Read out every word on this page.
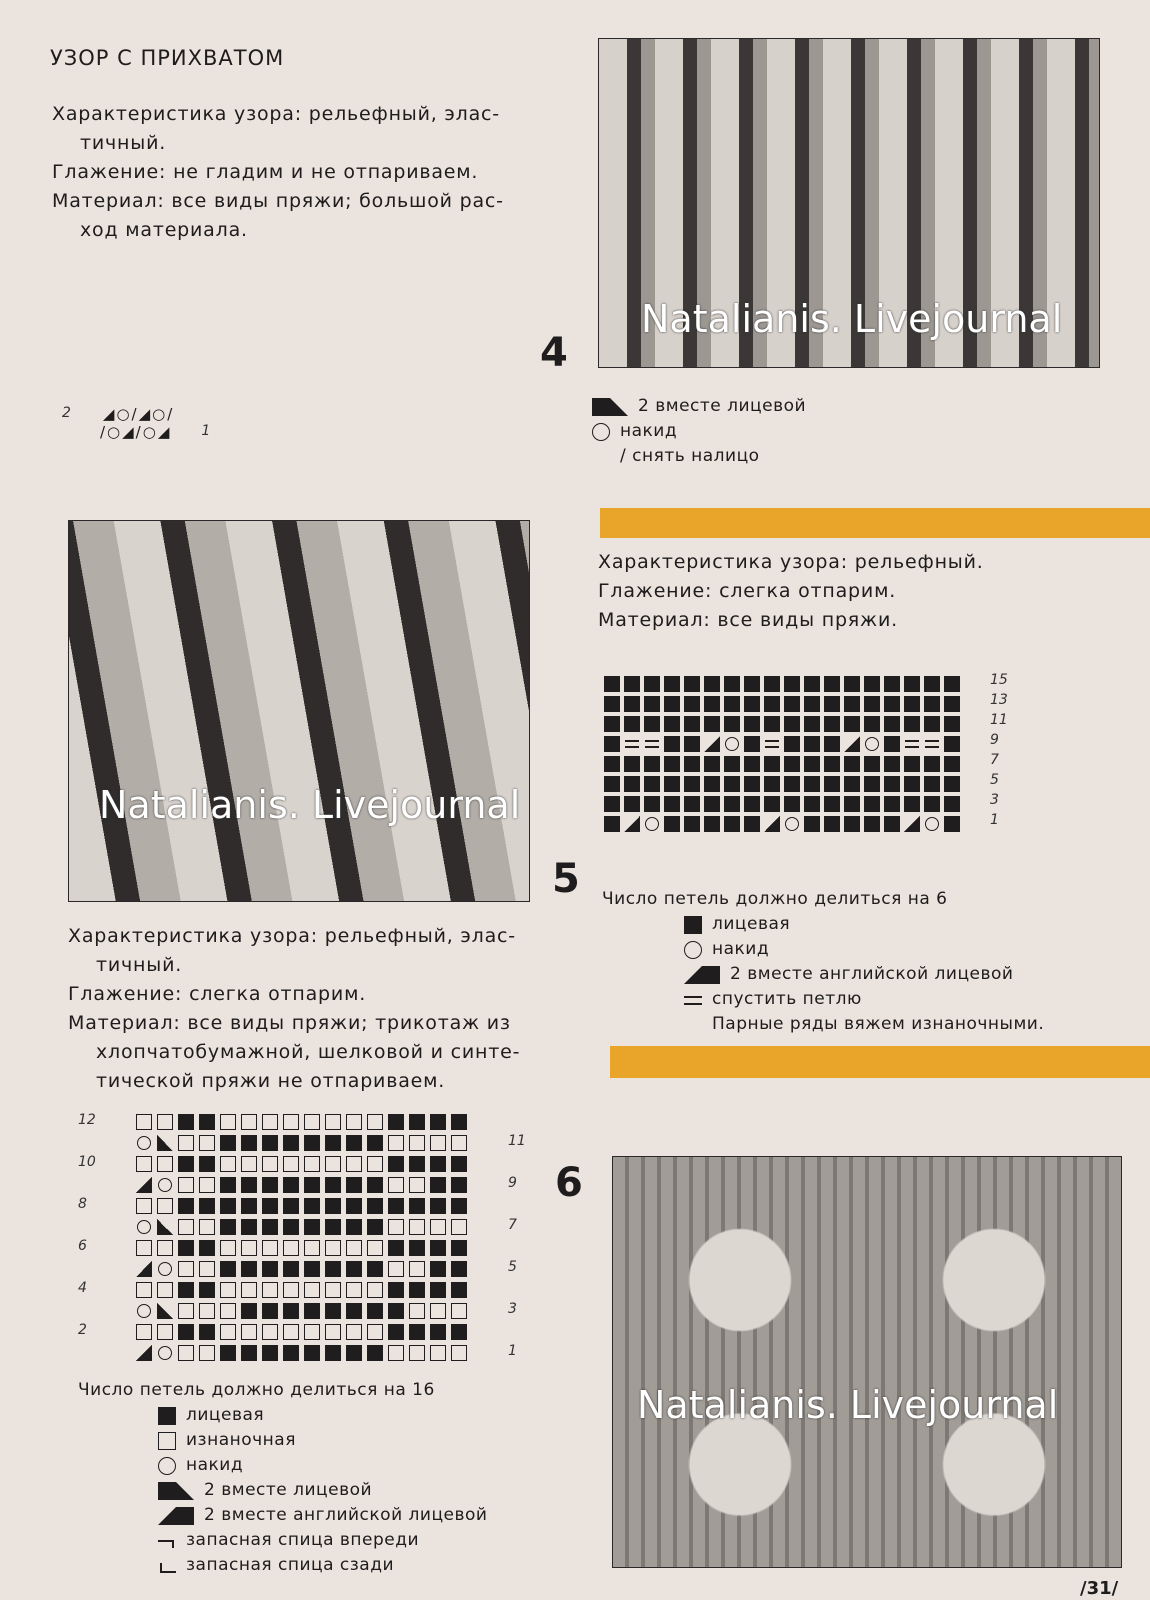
УЗОР С ПРИХВАТОМ
Характеристика узора: рельефный, элас-

тичный.
Глажение: не гладим и не отпариваем.
Материал: все виды пряжи; большой рас-

ход материала.
Natalianis. Livejournal
4
2 ◢○/◢○/
/○◢/○◢ 1
2 вместе лицевой
накид
/ снять налицо
Natalianis. Livejournal
5
Характеристика узора: рельефный.
Глажение: слегка отпарим.
Материал: все виды пряжи.
15
13
11
9
7
5
3
1
Число петель должно делиться на 6
лицевая
накид
2 вместе английской лицевой
спустить петлю
Парные ряды вяжем изнаночными.
Характеристика узора: рельефный, элас-

тичный.
Глажение: слегка отпарим.
Материал: все виды пряжи; трикотаж из

хлопчатобумажной, шелковой и синте-
тической пряжи не отпариваем.
12
10
8
6
4
2
11
9
7
5
3
1
Число петель должно делиться на 16
лицевая
изнаночная
накид
2 вместе лицевой
2 вместе английской лицевой
запасная спица впереди
запасная спица сзади
Natalianis. Livejournal
6
/31/
